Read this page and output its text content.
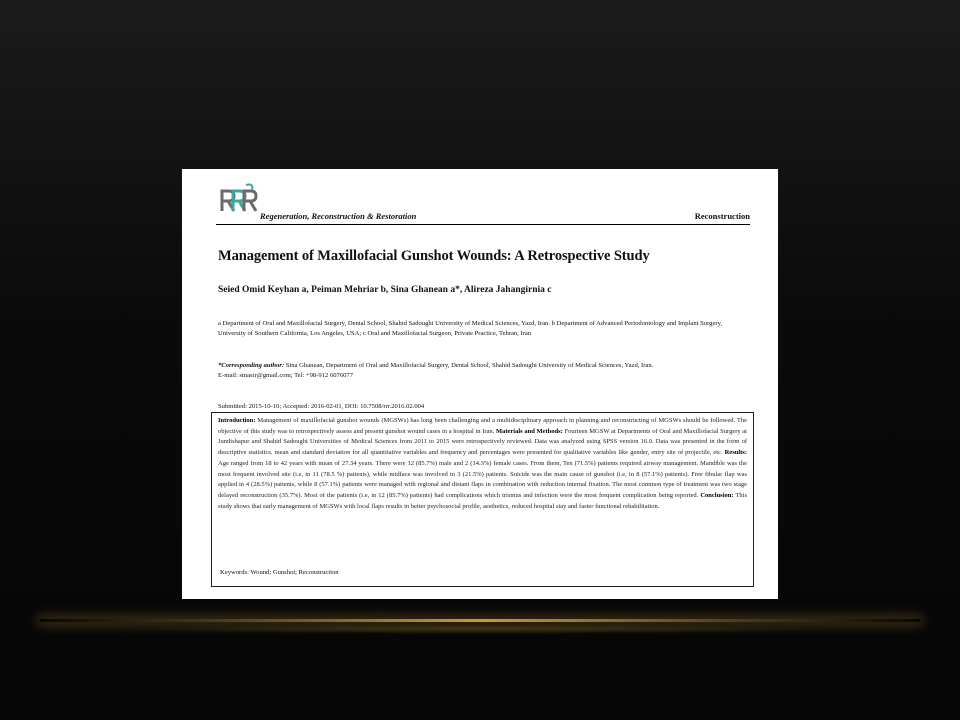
Regeneration, Reconstruction & Restoration	Reconstruction
Management of Maxillofacial Gunshot Wounds: A Retrospective Study
Seied Omid Keyhan a, Peiman Mehriar b, Sina Ghanean a*, Alireza Jahangirnia c
a Department of Oral and Maxillofacial Surgery, Dental School, Shahid Sadoughi University of Medical Sciences, Yazd, Iran. b Department of Advanced Periodontology and Implant Surgery, University of Southern California, Los Angeles, USA; c Oral and Maxillofacial Surgeon, Private Practice, Tehran, Iran
*Corresponding author: Sina Ghanean, Department of Oral and Maxillofacial Surgery, Dental School, Shahid Sadoughi University of Medical Sciences, Yazd, Iran.
E-mail: stnasir@gmail.com; Tel: +98-912 6076077
Submitted: 2015-10-10; Accepted: 2016-02-01, DOI: 10.7508/rrr.2016.02.004

Introduction: Management of maxillofacial gunshot wounds (MGSWs) has long been challenging and a multidisciplinary approach in planning and reconstructing of MGSWs should be followed. The objective of this study was to retrospectively assess and present gunshot wound cases in a hospital in Iran. Materials and Methods: Fourteen MGSW at Departments of Oral and Maxillofacial Surgery at Jundishapur and Shahid Sadoughi Universities of Medical Sciences from 2011 to 2015 were retrospectively reviewed. Data was analyzed using SPSS version 16.0. Data was presented in the form of descriptive statistics. mean and standard deviation for all quantitative variables and frequency and percentages were presented for qualitative variables like gender, entry site of projectile, etc. Results: Age ranged from 18 to 42 years with mean of 27.34 years. There were 12 (85.7%) male and 2 (14.3%) female cases. From them, Ten (71.5%) patients required airway management. Mandible was the most frequent involved site (i.e, in 11 (78.5 %) patients), while midface was involved in 3 (21.5%) patients. Suicide was the main cause of gunshot (i.e, in 8 (57.1%) patients). Free fibular flap was applied in 4 (28.5%) patients, while 8 (57.1%) patients were managed with regional and distant flaps in combination with reduction internal fixation. The most common type of treatment was two stage delayed reconstruction (35.7%). Most of the patients (i.e, in 12 (85.7%) patients) had complications which trismus and infection were the most frequent complication being reported. Conclusion: This study shows that early management of MGSWs with local flaps results in better psychosocial profile, aesthetics, reduced hospital stay and faster functional rehabilitation.

Keywords: Wound; Gunshot; Reconstruction
